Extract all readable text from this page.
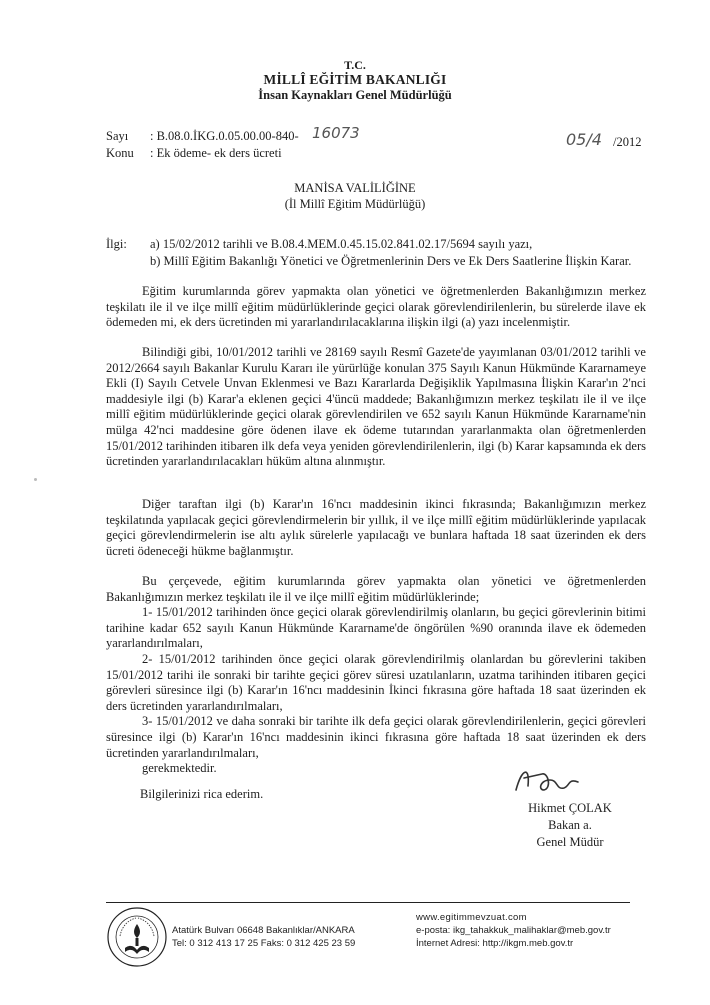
T.C.
MİLLÎ EĞİTİM BAKANLIĞI
İnsan Kaynakları Genel Müdürlüğü
Sayı : B.08.0.İKG.0.05.00.00-840- 16073
Konu : Ek ödeme- ek ders ücreti
05/4 /2012
MANİSA VALİLİĞİNE
(İl Millî Eğitim Müdürlüğü)
İlgi: a) 15/02/2012 tarihli ve B.08.4.MEM.0.45.15.02.841.02.17/5694 sayılı yazı,
b) Millî Eğitim Bakanlığı Yönetici ve Öğretmenlerinin Ders ve Ek Ders Saatlerine İlişkin Karar.

Eğitim kurumlarında görev yapmakta olan yönetici ve öğretmenlerden Bakanlığımızın merkez teşkilatı ile il ve ilçe millî eğitim müdürlüklerinde geçici olarak görevlendirilenlerin, bu sürelerde ilave ek ödemeden mi, ek ders ücretinden mi yararlandırılacaklarına ilişkin ilgi (a) yazı incelenmiştir.

Bilindiği gibi, 10/01/2012 tarihli ve 28169 sayılı Resmî Gazete'de yayımlanan 03/01/2012 tarihli ve 2012/2664 sayılı Bakanlar Kurulu Kararı ile yürürlüğe konulan 375 Sayılı Kanun Hükmünde Kararnameye Ekli (I) Sayılı Cetvele Unvan Eklenmesi ve Bazı Kararlarda Değişiklik Yapılmasına İlişkin Karar'ın 2'nci maddesiyle ilgi (b) Karar'a eklenen geçici 4'üncü maddede; Bakanlığımızın merkez teşkilatı ile il ve ilçe millî eğitim müdürlüklerinde geçici olarak görevlendirilen ve 652 sayılı Kanun Hükmünde Kararname'nin mülga 42'nci maddesine göre ödenen ilave ek ödeme tutarından yararlanmakta olan öğretmenlerden 15/01/2012 tarihinden itibaren ilk defa veya yeniden görevlendirilenlerin, ilgi (b) Karar kapsamında ek ders ücretinden yararlandırılacakları hüküm altına alınmıştır.

Diğer taraftan ilgi (b) Karar'ın 16'ncı maddesinin ikinci fıkrasında; Bakanlığımızın merkez teşkilatında yapılacak geçici görevlendirmelerin bir yıllık, il ve ilçe millî eğitim müdürlüklerinde yapılacak geçici görevlendirmelerin ise altı aylık sürelerle yapılacağı ve bunlara haftada 18 saat üzerinden ek ders ücreti ödeneceği hükme bağlanmıştır.

Bu çerçevede, eğitim kurumlarında görev yapmakta olan yönetici ve öğretmenlerden Bakanlığımızın merkez teşkilatı ile il ve ilçe millî eğitim müdürlüklerinde;

1- 15/01/2012 tarihinden önce geçici olarak görevlendirilmiş olanların, bu geçici görevlerinin bitimi tarihine kadar 652 sayılı Kanun Hükmünde Kararname'de öngörülen %90 oranında ilave ek ödemeden yararlandırılmaları,

2- 15/01/2012 tarihinden önce geçici olarak görevlendirilmiş olanlardan bu görevlerini takiben 15/01/2012 tarihi ile sonraki bir tarihte geçici görev süresi uzatılanların, uzatma tarihinden itibaren geçici görevleri süresince ilgi (b) Karar'ın 16'ncı maddesinin İkinci fıkrasına göre haftada 18 saat üzerinden ek ders ücretinden yararlandırılmaları,

3- 15/01/2012 ve daha sonraki bir tarihte ilk defa geçici olarak görevlendirilenlerin, geçici görevleri süresince ilgi (b) Karar'ın 16'ncı maddesinin ikinci fıkrasına göre haftada 18 saat üzerinden ek ders ücretinden yararlandırılmaları,

gerekmektedir.

Bilgilerinizi rica ederim.
Hikmet ÇOLAK
Bakan a.
Genel Müdür
Atatürk Bulvarı 06648 Bakanlıklar/ANKARA
Tel: 0 312 413 17 25 Faks: 0 312 425 23 59
www.egitimmevzuat.com
e-posta: ikg_tahakkuk_malihaklar@meb.gov.tr
İnternet Adresi: http://ikgm.meb.gov.tr
